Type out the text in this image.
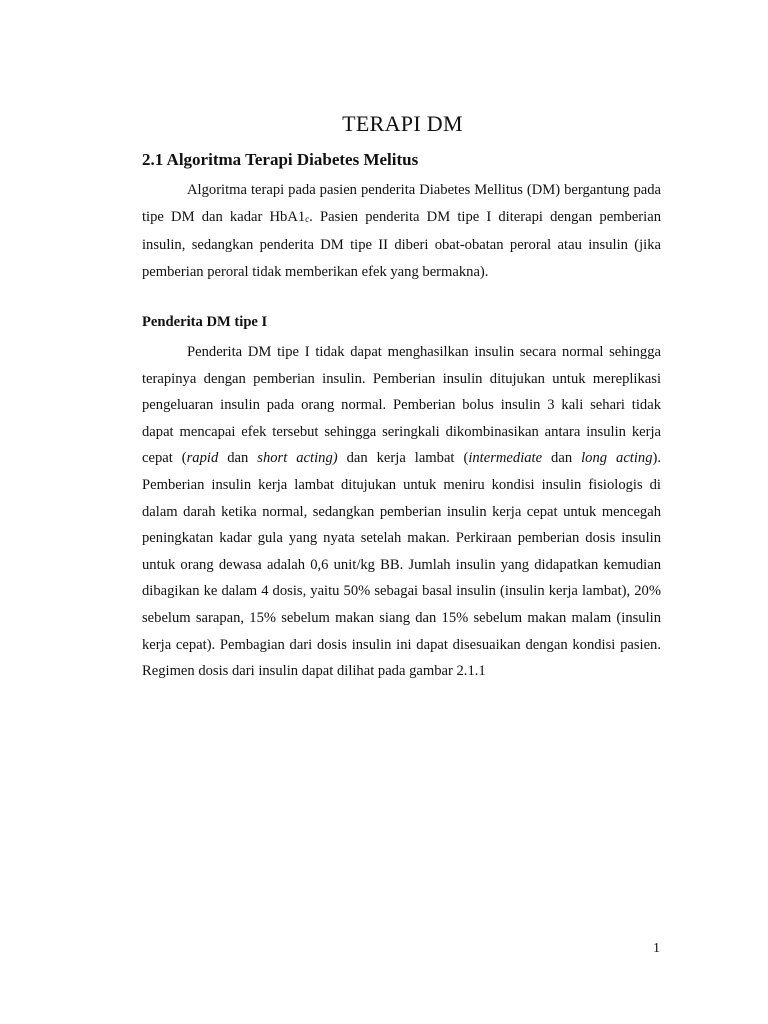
TERAPI DM
2.1 Algoritma Terapi Diabetes Melitus

Algoritma terapi pada pasien penderita Diabetes Mellitus (DM) bergantung pada tipe DM dan kadar $HbA1_c$. Pasien penderita DM tipe I diterapi dengan pemberian insulin, sedangkan penderita DM tipe II diberi obat-obatan peroral atau insulin (jika pemberian peroral tidak memberikan efek yang bermakna).

Penderita DM tipe I

Penderita DM tipe I tidak dapat menghasilkan insulin secara normal sehingga terapinya dengan pemberian insulin. Pemberian insulin ditujukan untuk mereplikasi pengeluaran insulin pada orang normal. Pemberian bolus insulin 3 kali sehari tidak dapat mencapai efek tersebut sehingga seringkali dikombinasikan antara insulin kerja cepat (rapid dan short acting) dan kerja lambat (intermediate dan long acting). Pemberian insulin kerja lambat ditujukan untuk meniru kondisi insulin fisiologis di dalam darah ketika normal, sedangkan pemberian insulin kerja cepat untuk mencegah peningkatan kadar gula yang nyata setelah makan. Perkiraan pemberian dosis insulin untuk orang dewasa adalah 0,6 unit/kg BB. Jumlah insulin yang didapatkan kemudian dibagikan ke dalam 4 dosis, yaitu 50% sebagai basal insulin (insulin kerja lambat), 20% sebelum sarapan, 15% sebelum makan siang dan 15% sebelum makan malam (insulin kerja cepat). Pembagian dari dosis insulin ini dapat disesuaikan dengan kondisi pasien. Regimen dosis dari insulin dapat dilihat pada gambar 2.1.1

1
